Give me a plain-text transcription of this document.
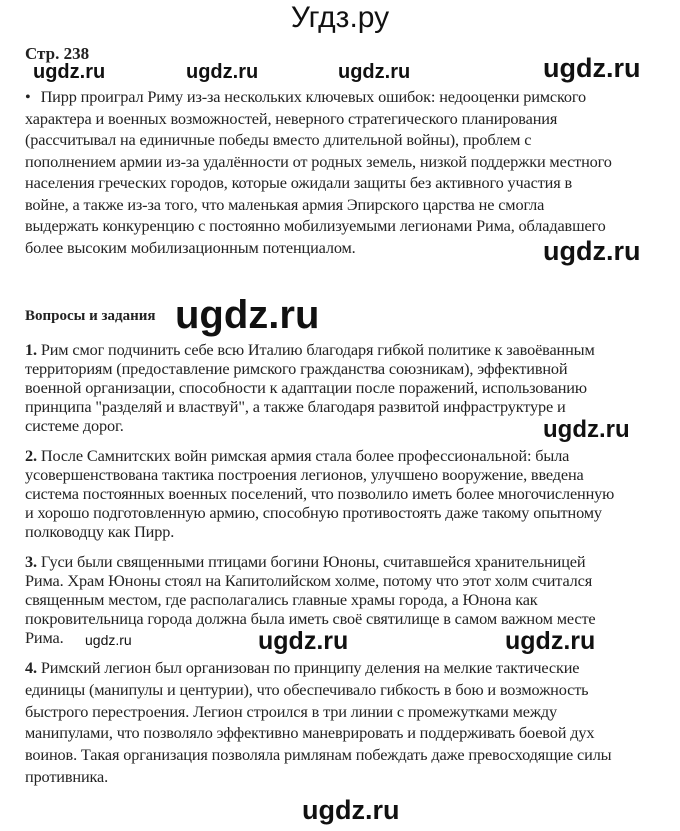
Угдз.ру
Стр. 238
• Пирр проиграл Риму из-за нескольких ключевых ошибок: недооценки римского
характера и военных возможностей, неверного стратегического планирования
(рассчитывал на единичные победы вместо длительной войны), проблем с
пополнением армии из-за удалённости от родных земель, низкой поддержки местного
населения греческих городов, которые ожидали защиты без активного участия в
войне, а также из-за того, что маленькая армия Эпирского царства не смогла
выдержать конкуренцию с постоянно мобилизуемыми легионами Рима, обладавшего
более высоким мобилизационным потенциалом.
Вопросы и задания
1. Рим смог подчинить себе всю Италию благодаря гибкой политике к завоёванным
территориям (предоставление римского гражданства союзникам), эффективной
военной организации, способности к адаптации после поражений, использованию
принципа "разделяй и властвуй", а также благодаря развитой инфраструктуре и
системе дорог.
2. После Самнитских войн римская армия стала более профессиональной: была
усовершенствована тактика построения легионов, улучшено вооружение, введена
система постоянных военных поселений, что позволило иметь более многочисленную
и хорошо подготовленную армию, способную противостоять даже такому опытному
полководцу как Пирр.
3. Гуси были священными птицами богини Юноны, считавшейся хранительницей
Рима. Храм Юноны стоял на Капитолийском холме, потому что этот холм считался
священным местом, где располагались главные храмы города, а Юнона как
покровительница города должна была иметь своё святилище в самом важном месте
Рима.
4. Римский легион был организован по принципу деления на мелкие тактические
единицы (манипулы и центурии), что обеспечивало гибкость в бою и возможность
быстрого перестроения. Легион строился в три линии с промежутками между
манипулами, что позволяло эффективно маневрировать и поддерживать боевой дух
воинов. Такая организация позволяла римлянам побеждать даже превосходящие силы
противника.
ugdz.ru	ugdz.ru	ugdz.ru	ugdz.ru
ugdz.ru
ugdz.ru
ugdz.ru
ugdz.ru	ugdz.ru
ugdz.ru
ugdz.ru
